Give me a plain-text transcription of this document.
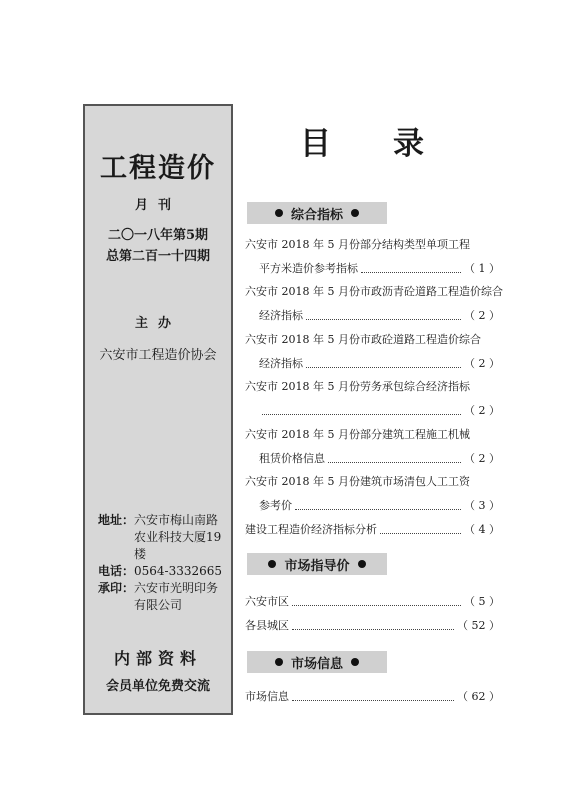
工程造价
月刊
二〇一八年第5期
总第二百一十四期
主办
六安市工程造价协会
地址： 六安市梅山南路农业科技大厦19楼
电话： 0564-3332665
承印： 六安市光明印务有限公司
内部资料
会员单位免费交流
目 录
综合指标
六安市 2018 年 5 月份部分结构类型单项工程
平方米造价参考指标	（ 1 ）
六安市 2018 年 5 月份市政沥青砼道路工程造价综合
经济指标	（ 2 ）
六安市 2018 年 5 月份市政砼道路工程造价综合
经济指标	（ 2 ）
六安市 2018 年 5 月份劳务承包综合经济指标
（ 2 ）
六安市 2018 年 5 月份部分建筑工程施工机械
租赁价格信息	（ 2 ）
六安市 2018 年 5 月份建筑市场清包人工工资
参考价	（ 3 ）
建设工程造价经济指标分析	（ 4 ）
市场指导价
六安市区	（ 5 ）
各县城区	（ 52 ）
市场信息
市场信息	（ 62 ）
